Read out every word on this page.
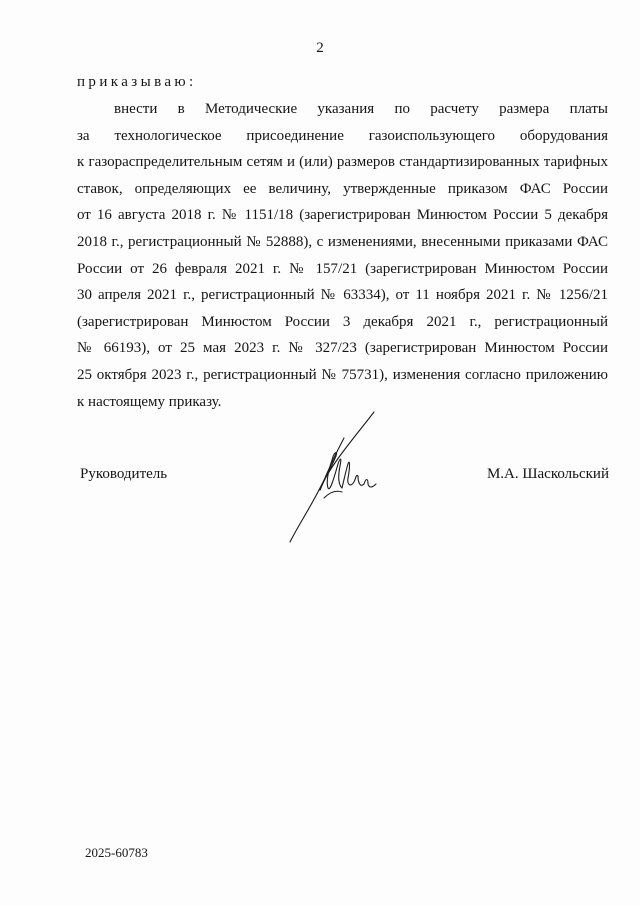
2
приказываю:
внести в Методические указания по расчету размера платы
за технологическое присоединение газоиспользующего оборудования
к газораспределительным сетям и (или) размеров стандартизированных тарифных
ставок, определяющих ее величину, утвержденные приказом ФАС России
от 16 августа 2018 г. № 1151/18 (зарегистрирован Минюстом России 5 декабря
2018 г., регистрационный № 52888), с изменениями, внесенными приказами ФАС
России от 26 февраля 2021 г. № 157/21 (зарегистрирован Минюстом России
30 апреля 2021 г., регистрационный № 63334), от 11 ноября 2021 г. № 1256/21
(зарегистрирован Минюстом России 3 декабря 2021 г., регистрационный
№ 66193), от 25 мая 2023 г. № 327/23 (зарегистрирован Минюстом России
25 октября 2023 г., регистрационный № 75731), изменения согласно приложению
к настоящему приказу.
Руководитель	М.А. Шаскольский
2025-60783
